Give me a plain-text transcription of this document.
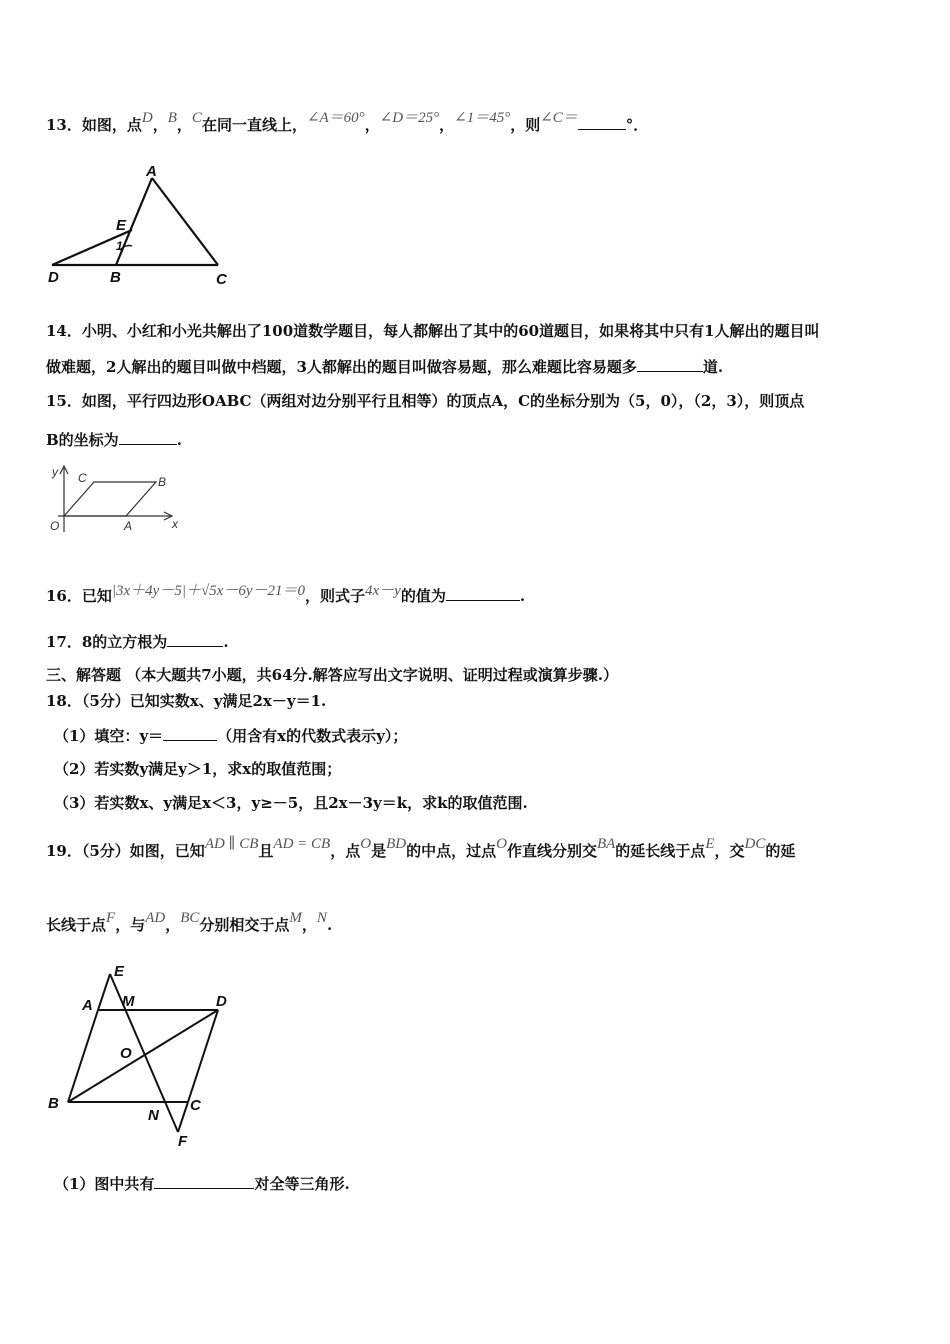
13．如图，点D，B，C在同一直线上，∠A＝60°，∠D＝25°，∠1＝45°，则∠C＝	°．
A
E
1
D	B	C
14．小明、小红和小光共解出了100道数学题目，每人都解出了其中的60道题目，如果将其中只有1人解出的题目叫
做难题，2人解出的题目叫做中档题，3人都解出的题目叫做容易题，那么难题比容易题多	道.
15．如图，平行四边形OABC（两组对边分别平行且相等）的顶点A，C的坐标分别为（5，0），（2，3），则顶点
B的坐标为	.
y C	B
O	A	x
16．已知|3x＋4y－5|＋√5x－6y－21＝0，则式子4x－y的值为	.
17．8的立方根为	.
三、解答题 （本大题共7小题，共64分.解答应写出文字说明、证明过程或演算步骤.）
18．（5分）已知实数x、y满足2x－y＝1.
（1）填空：y＝	（用含有x的代数式表示y）；
（2）若实数y满足y＞1，求x的取值范围；
（3）若实数x、y满足x＜3，y≥－5，且2x－3y＝k，求k的取值范围.
19．（5分）如图，已知AD ∥ CB且AD = CB，点O是BD的中点，过点O作直线分别交BA的延长线于点E，交DC的延
长线于点F，与AD，BC分别相交于点M，N.
E
A M	D
O
B
N
C
F
（1）图中共有	对全等三角形.
